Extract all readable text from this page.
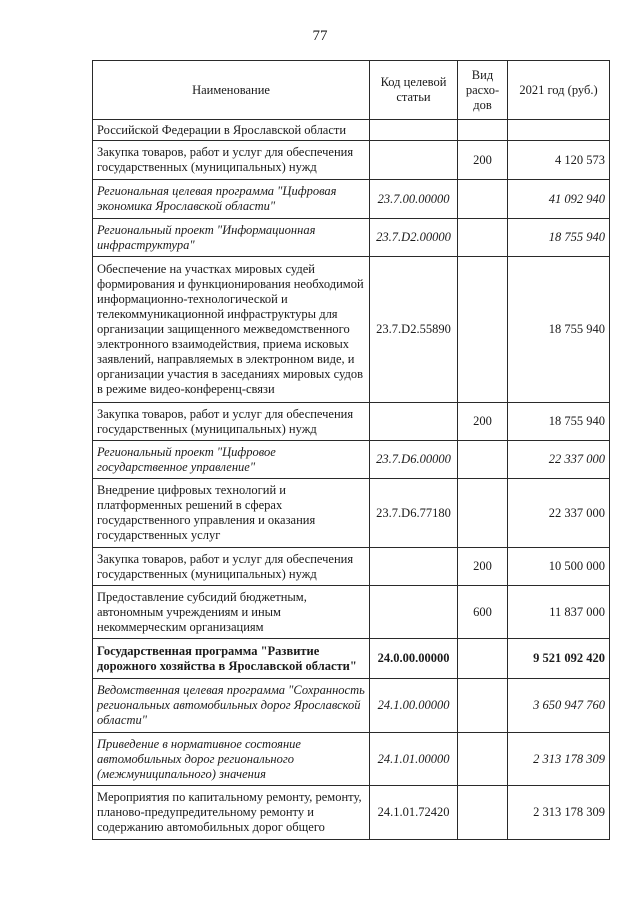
77
Наименование	Код целевой статьи	Вид расхо-дов	2021 год (руб.)
Российской Федерации в Ярославской области			
Закупка товаров, работ и услуг для обеспечения государственных (муниципальных) нужд		200	4 120 573
Региональная целевая программа "Цифровая экономика Ярославской области"	23.7.00.00000		41 092 940
Региональный проект "Информационная инфраструктура"	23.7.D2.00000		18 755 940
Обеспечение на участках мировых судей формирования и функционирования необходимой информационно-технологической и телекоммуникационной инфраструктуры для организации защищенного межведомственного электронного взаимодействия, приема исковых заявлений, направляемых в электронном виде, и организации участия в заседаниях мировых судов в режиме видео-конференц-связи	23.7.D2.55890		18 755 940
Закупка товаров, работ и услуг для обеспечения государственных (муниципальных) нужд		200	18 755 940
Региональный проект "Цифровое государственное управление"	23.7.D6.00000		22 337 000
Внедрение цифровых технологий и платформенных решений в сферах государственного управления и оказания государственных услуг	23.7.D6.77180		22 337 000
Закупка товаров, работ и услуг для обеспечения государственных (муниципальных) нужд		200	10 500 000
Предоставление субсидий бюджетным, автономным учреждениям и иным некоммерческим организациям		600	11 837 000
Государственная программа "Развитие дорожного хозяйства в Ярославской области"	24.0.00.00000		9 521 092 420
Ведомственная целевая программа "Сохранность региональных автомобильных дорог Ярославской области"	24.1.00.00000		3 650 947 760
Приведение в нормативное состояние автомобильных дорог регионального (межмуниципального) значения	24.1.01.00000		2 313 178 309
Мероприятия по капитальному ремонту, ремонту, планово-предупредительному ремонту и содержанию автомобильных дорог общего	24.1.01.72420		2 313 178 309
